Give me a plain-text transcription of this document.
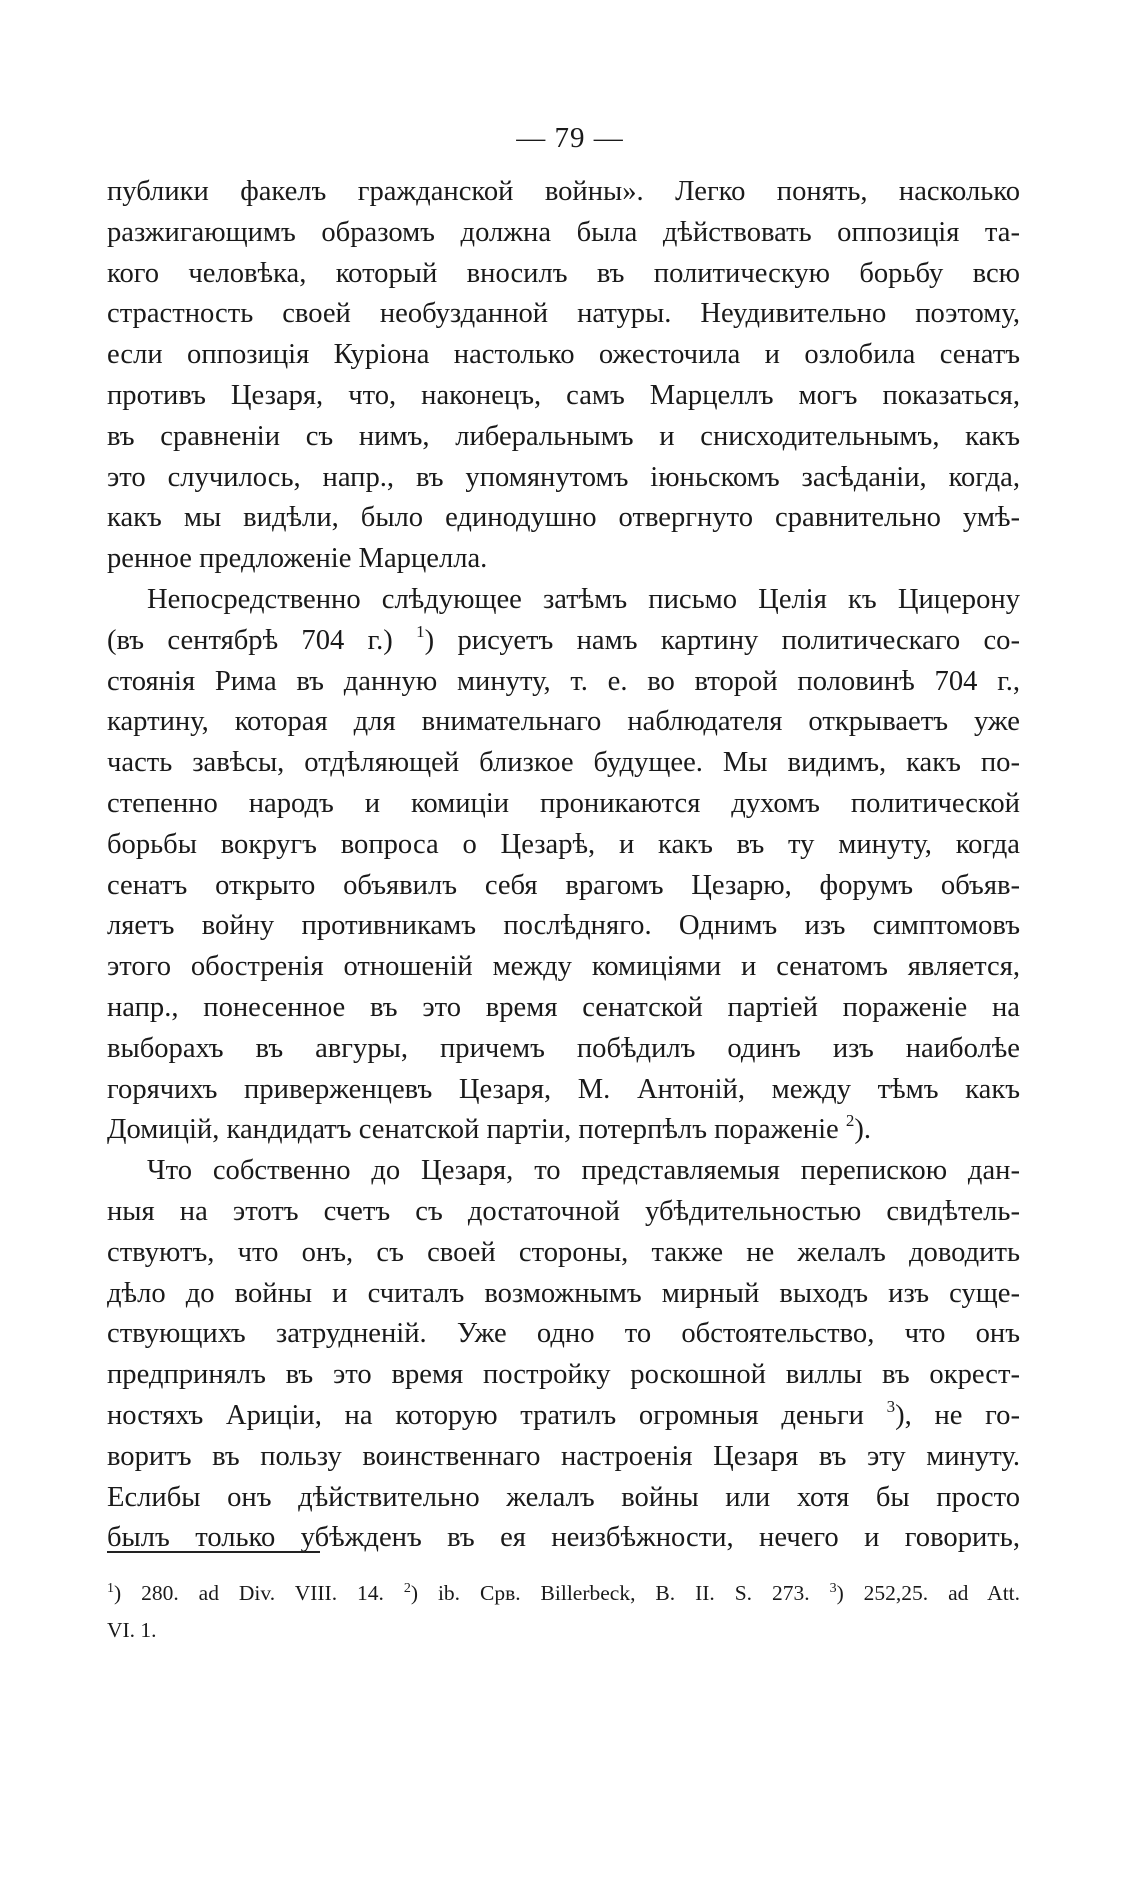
— 79 —
публики факелъ гражданской войны». Легко понять, насколько
разжигающимъ образомъ должна была дѣйствовать оппозиція та-
кого человѣка, который вносилъ въ политическую борьбу всю
страстность своей необузданной натуры. Неудивительно поэтому,
если оппозиція Куріона настолько ожесточила и озлобила сенатъ
противъ Цезаря, что, наконецъ, самъ Марцеллъ могъ показаться,
въ сравненіи съ нимъ, либеральнымъ и снисходительнымъ, какъ
это случилось, напр., въ упомянутомъ іюньскомъ засѣданіи, когда,
какъ мы видѣли, было единодушно отвергнуто сравнительно умѣ-
ренное предложеніе Марцелла.
Непосредственно слѣдующее затѣмъ письмо Целія къ Цицерону
(въ сентябрѣ 704 г.) $^1$) рисуетъ намъ картину политическаго со-
стоянія Рима въ данную минуту, т. е. во второй половинѣ 704 г.,
картину, которая для внимательнаго наблюдателя открываетъ уже
часть завѣсы, отдѣляющей близкое будущее. Мы видимъ, какъ по-
степенно народъ и комиціи проникаются духомъ политической
борьбы вокругъ вопроса о Цезарѣ, и какъ въ ту минуту, когда
сенатъ открыто объявилъ себя врагомъ Цезарю, форумъ объяв-
ляетъ войну противникамъ послѣдняго. Однимъ изъ симптомовъ
этого обостренія отношеній между комиціями и сенатомъ является,
напр., понесенное въ это время сенатской партіей пораженіе на
выборахъ въ авгуры, причемъ побѣдилъ одинъ изъ наиболѣе
горячихъ приверженцевъ Цезаря, М. Антоній, между тѣмъ какъ
Домицій, кандидатъ сенатской партіи, потерпѣлъ пораженіе $^2$).
Что собственно до Цезаря, то представляемыя перепискою дан-
ныя на этотъ счетъ съ достаточной убѣдительностью свидѣтель-
ствуютъ, что онъ, съ своей стороны, также не желалъ доводить
дѣло до войны и считалъ возможнымъ мирный выходъ изъ суще-
ствующихъ затрудненій. Уже одно то обстоятельство, что онъ
предпринялъ въ это время постройку роскошной виллы въ окрест-
ностяхъ Ариціи, на которую тратилъ огромныя деньги $^3$), не го-
воритъ въ пользу воинственнаго настроенія Цезаря въ эту минуту.
Еслибы онъ дѣйствительно желалъ войны или хотя бы просто
былъ только убѣжденъ въ ея неизбѣжности, нечего и говорить,
$^1$) 280. ad Div. VIII. 14. $^2$) ib. Срв. Billerbeck, B. II. S. 273. $^3$) 252,25. ad Att.
VI. 1.
